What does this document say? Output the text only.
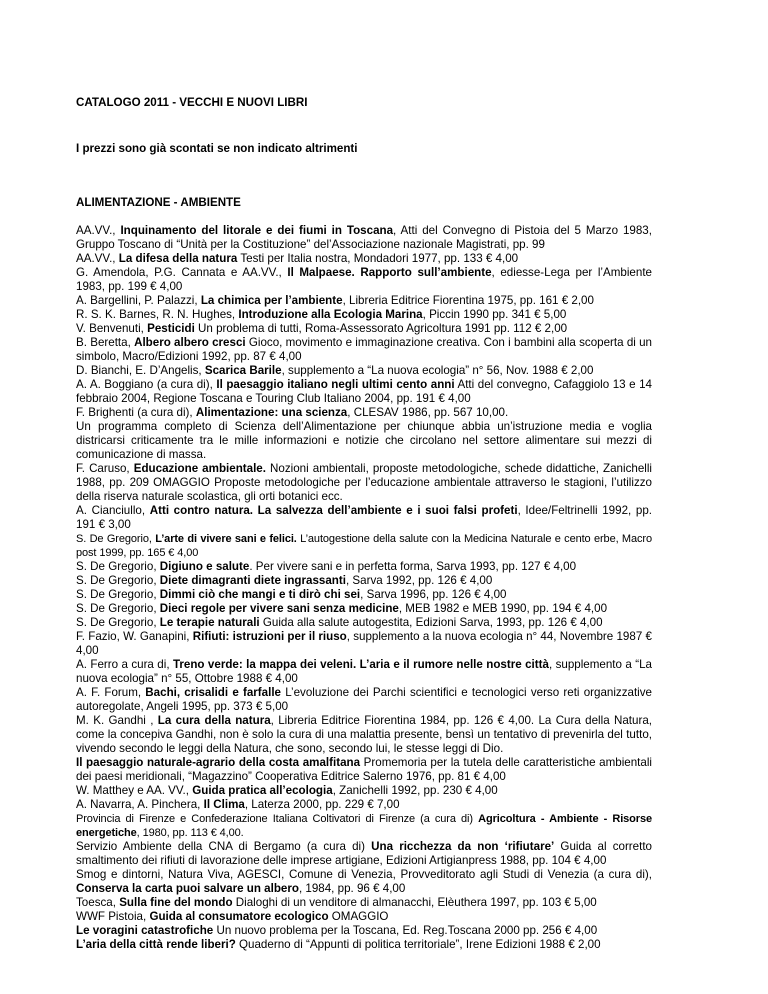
CATALOGO 2011 - VECCHI E NUOVI LIBRI

I prezzi sono già scontati se non indicato altrimenti

ALIMENTAZIONE - AMBIENTE

AA.VV., Inquinamento del litorale e dei fiumi in Toscana, Atti del Convegno di Pistoia del 5 Marzo 1983, Gruppo Toscano di “Unità per la Costituzione” del’Associazione nazionale Magistrati, pp. 99

AA.VV., La difesa della natura Testi per Italia nostra, Mondadori 1977, pp. 133 € 4,00

G. Amendola, P.G. Cannata e AA.VV., Il Malpaese. Rapporto sull’ambiente, ediesse-Lega per l’Ambiente 1983, pp. 199 € 4,00

A. Bargellini, P. Palazzi, La chimica per l’ambiente, Libreria Editrice Fiorentina 1975, pp. 161 € 2,00

R. S. K. Barnes, R. N. Hughes, Introduzione alla Ecologia Marina, Piccin 1990 pp. 341 € 5,00

V. Benvenuti, Pesticidi Un problema di tutti, Roma-Assessorato Agricoltura 1991 pp. 112 € 2,00

B. Beretta, Albero albero cresci Gioco, movimento e immaginazione creativa. Con i bambini alla scoperta di un simbolo, Macro/Edizioni 1992, pp. 87 € 4,00

D. Bianchi, E. D’Angelis, Scarica Barile, supplemento a “La nuova ecologia” n° 56, Nov. 1988 € 2,00

A. A. Boggiano (a cura di), Il paesaggio italiano negli ultimi cento anni Atti del convegno, Cafaggiolo 13 e 14 febbraio 2004, Regione Toscana e Touring Club Italiano 2004, pp. 191 € 4,00

F. Brighenti (a cura di), Alimentazione: una scienza, CLESAV 1986, pp. 567 10,00.

Un programma completo di Scienza dell’Alimentazione per chiunque abbia un’istruzione media e voglia districarsi criticamente tra le mille informazioni e notizie che circolano nel settore alimentare sui mezzi di comunicazione di massa.

F. Caruso, Educazione ambientale. Nozioni ambientali, proposte metodologiche, schede didattiche, Zanichelli 1988, pp. 209 OMAGGIO Proposte metodologiche per l’educazione ambientale attraverso le stagioni, l’utilizzo della riserva naturale scolastica, gli orti botanici ecc.

A. Cianciullo, Atti contro natura. La salvezza dell’ambiente e i suoi falsi profeti, Idee/Feltrinelli 1992, pp. 191 € 3,00

S. De Gregorio, L’arte di vivere sani e felici. L’autogestione della salute con la Medicina Naturale e cento erbe, Macro post 1999, pp. 165 € 4,00

S. De Gregorio, Digiuno e salute. Per vivere sani e in perfetta forma, Sarva 1993, pp. 127 € 4,00

S. De Gregorio, Diete dimagranti diete ingrassanti, Sarva 1992, pp. 126 € 4,00

S. De Gregorio, Dimmi ciò che mangi e ti dirò chi sei, Sarva 1996, pp. 126 € 4,00

S. De Gregorio, Dieci regole per vivere sani senza medicine, MEB 1982 e MEB 1990, pp. 194 € 4,00

S. De Gregorio, Le terapie naturali Guida alla salute autogestita, Edizioni Sarva, 1993, pp. 126 € 4,00

F. Fazio, W. Ganapini, Rifiuti: istruzioni per il riuso, supplemento a la nuova ecologia n° 44, Novembre 1987 € 4,00

A. Ferro a cura di, Treno verde: la mappa dei veleni. L’aria e il rumore nelle nostre città, supplemento a “La nuova ecologia” n° 55, Ottobre 1988 € 4,00

A. F. Forum, Bachi, crisalidi e farfalle L’evoluzione dei Parchi scientifici e tecnologici verso reti organizzative autoregolate, Angeli 1995, pp. 373 € 5,00

M. K. Gandhi , La cura della natura, Libreria Editrice Fiorentina 1984, pp. 126 € 4,00. La Cura della Natura, come la concepiva Gandhi, non è solo la cura di una malattia presente, bensì un tentativo di prevenirla del tutto, vivendo secondo le leggi della Natura, che sono, secondo lui, le stesse leggi di Dio.

Il paesaggio naturale-agrario della costa amalfitana Promemoria per la tutela delle caratteristiche ambientali dei paesi meridionali, “Magazzino” Cooperativa Editrice Salerno 1976, pp. 81 € 4,00

W. Matthey e AA. VV., Guida pratica all’ecologia, Zanichelli 1992, pp. 230 € 4,00

A. Navarra, A. Pinchera, Il Clima, Laterza 2000, pp. 229 € 7,00

Provincia di Firenze e Confederazione Italiana Coltivatori di Firenze (a cura di) Agricoltura - Ambiente - Risorse energetiche, 1980, pp. 113 € 4,00.

Servizio Ambiente della CNA di Bergamo (a cura di) Una ricchezza da non ‘rifiutare’ Guida al corretto smaltimento dei rifiuti di lavorazione delle imprese artigiane, Edizioni Artigianpress 1988, pp. 104 € 4,00

Smog e dintorni, Natura Viva, AGESCI, Comune di Venezia, Provveditorato agli Studi di Venezia (a cura di), Conserva la carta puoi salvare un albero, 1984, pp. 96 € 4,00

Toesca, Sulla fine del mondo Dialoghi di un venditore di almanacchi, Elèuthera 1997, pp. 103 € 5,00

WWF Pistoia, Guida al consumatore ecologico OMAGGIO

Le voragini catastrofiche Un nuovo problema per la Toscana, Ed. Reg.Toscana 2000 pp. 256 € 4,00

L’aria della città rende liberi? Quaderno di “Appunti di politica territoriale”, Irene Edizioni 1988 € 2,00
